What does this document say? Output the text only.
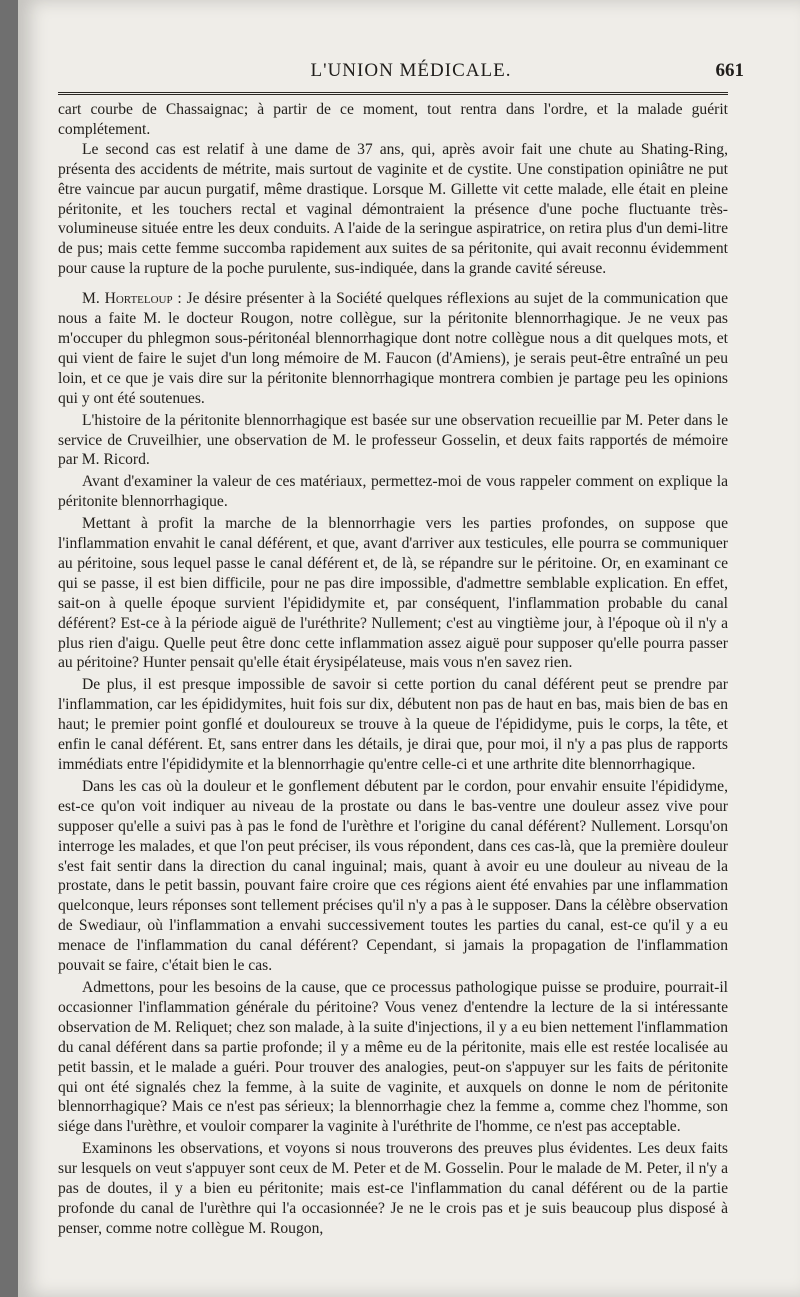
L'UNION MÉDICALE.	661

cart courbe de Chassaignac; à partir de ce moment, tout rentra dans l'ordre, et la malade guérit complétement.

Le second cas est relatif à une dame de 37 ans, qui, après avoir fait une chute au Shating-Ring, présenta des accidents de métrite, mais surtout de vaginite et de cystite. Une constipation opiniâtre ne put être vaincue par aucun purgatif, même drastique. Lorsque M. Gillette vit cette malade, elle était en pleine péritonite, et les touchers rectal et vaginal démontraient la présence d'une poche fluctuante très-volumineuse située entre les deux conduits. A l'aide de la seringue aspiratrice, on retira plus d'un demi-litre de pus; mais cette femme succomba rapidement aux suites de sa péritonite, qui avait reconnu évidemment pour cause la rupture de la poche purulente, sus-indiquée, dans la grande cavité séreuse.

M. Horteloup : Je désire présenter à la Société quelques réflexions au sujet de la communication que nous a faite M. le docteur Rougon, notre collègue, sur la péritonite blennorrhagique. Je ne veux pas m'occuper du phlegmon sous-péritonéal blennorrhagique dont notre collègue nous a dit quelques mots, et qui vient de faire le sujet d'un long mémoire de M. Faucon (d'Amiens), je serais peut-être entraîné un peu loin, et ce que je vais dire sur la péritonite blennorrhagique montrera combien je partage peu les opinions qui y ont été soutenues.

L'histoire de la péritonite blennorrhagique est basée sur une observation recueillie par M. Peter dans le service de Cruveilhier, une observation de M. le professeur Gosselin, et deux faits rapportés de mémoire par M. Ricord.

Avant d'examiner la valeur de ces matériaux, permettez-moi de vous rappeler comment on explique la péritonite blennorrhagique.

Mettant à profit la marche de la blennorrhagie vers les parties profondes, on suppose que l'inflammation envahit le canal déférent, et que, avant d'arriver aux testicules, elle pourra se communiquer au péritoine, sous lequel passe le canal déférent et, de là, se répandre sur le péritoine. Or, en examinant ce qui se passe, il est bien difficile, pour ne pas dire impossible, d'admettre semblable explication. En effet, sait-on à quelle époque survient l'épididymite et, par conséquent, l'inflammation probable du canal déférent? Est-ce à la période aiguë de l'uréthrite? Nullement; c'est au vingtième jour, à l'époque où il n'y a plus rien d'aigu. Quelle peut être donc cette inflammation assez aiguë pour supposer qu'elle pourra passer au péritoine? Hunter pensait qu'elle était érysipélateuse, mais vous n'en savez rien.

De plus, il est presque impossible de savoir si cette portion du canal déférent peut se prendre par l'inflammation, car les épididymites, huit fois sur dix, débutent non pas de haut en bas, mais bien de bas en haut; le premier point gonflé et douloureux se trouve à la queue de l'épididyme, puis le corps, la tête, et enfin le canal déférent. Et, sans entrer dans les détails, je dirai que, pour moi, il n'y a pas plus de rapports immédiats entre l'épididymite et la blennorrhagie qu'entre celle-ci et une arthrite dite blennorrhagique.

Dans les cas où la douleur et le gonflement débutent par le cordon, pour envahir ensuite l'épididyme, est-ce qu'on voit indiquer au niveau de la prostate ou dans le bas-ventre une douleur assez vive pour supposer qu'elle a suivi pas à pas le fond de l'urèthre et l'origine du canal déférent? Nullement. Lorsqu'on interroge les malades, et que l'on peut préciser, ils vous répondent, dans ces cas-là, que la première douleur s'est fait sentir dans la direction du canal inguinal; mais, quant à avoir eu une douleur au niveau de la prostate, dans le petit bassin, pouvant faire croire que ces régions aient été envahies par une inflammation quelconque, leurs réponses sont tellement précises qu'il n'y a pas à le supposer. Dans la célèbre observation de Swediaur, où l'inflammation a envahi successivement toutes les parties du canal, est-ce qu'il y a eu menace de l'inflammation du canal déférent? Cependant, si jamais la propagation de l'inflammation pouvait se faire, c'était bien le cas.

Admettons, pour les besoins de la cause, que ce processus pathologique puisse se produire, pourrait-il occasionner l'inflammation générale du péritoine? Vous venez d'entendre la lecture de la si intéressante observation de M. Reliquet; chez son malade, à la suite d'injections, il y a eu bien nettement l'inflammation du canal déférent dans sa partie profonde; il y a même eu de la péritonite, mais elle est restée localisée au petit bassin, et le malade a guéri. Pour trouver des analogies, peut-on s'appuyer sur les faits de péritonite qui ont été signalés chez la femme, à la suite de vaginite, et auxquels on donne le nom de péritonite blennorrhagique? Mais ce n'est pas sérieux; la blennorrhagie chez la femme a, comme chez l'homme, son siége dans l'urèthre, et vouloir comparer la vaginite à l'uréthrite de l'homme, ce n'est pas acceptable.

Examinons les observations, et voyons si nous trouverons des preuves plus évidentes. Les deux faits sur lesquels on veut s'appuyer sont ceux de M. Peter et de M. Gosselin. Pour le malade de M. Peter, il n'y a pas de doutes, il y a bien eu péritonite; mais est-ce l'inflammation du canal déférent ou de la partie profonde du canal de l'urèthre qui l'a occasionnée? Je ne le crois pas et je suis beaucoup plus disposé à penser, comme notre collègue M. Rougon,
